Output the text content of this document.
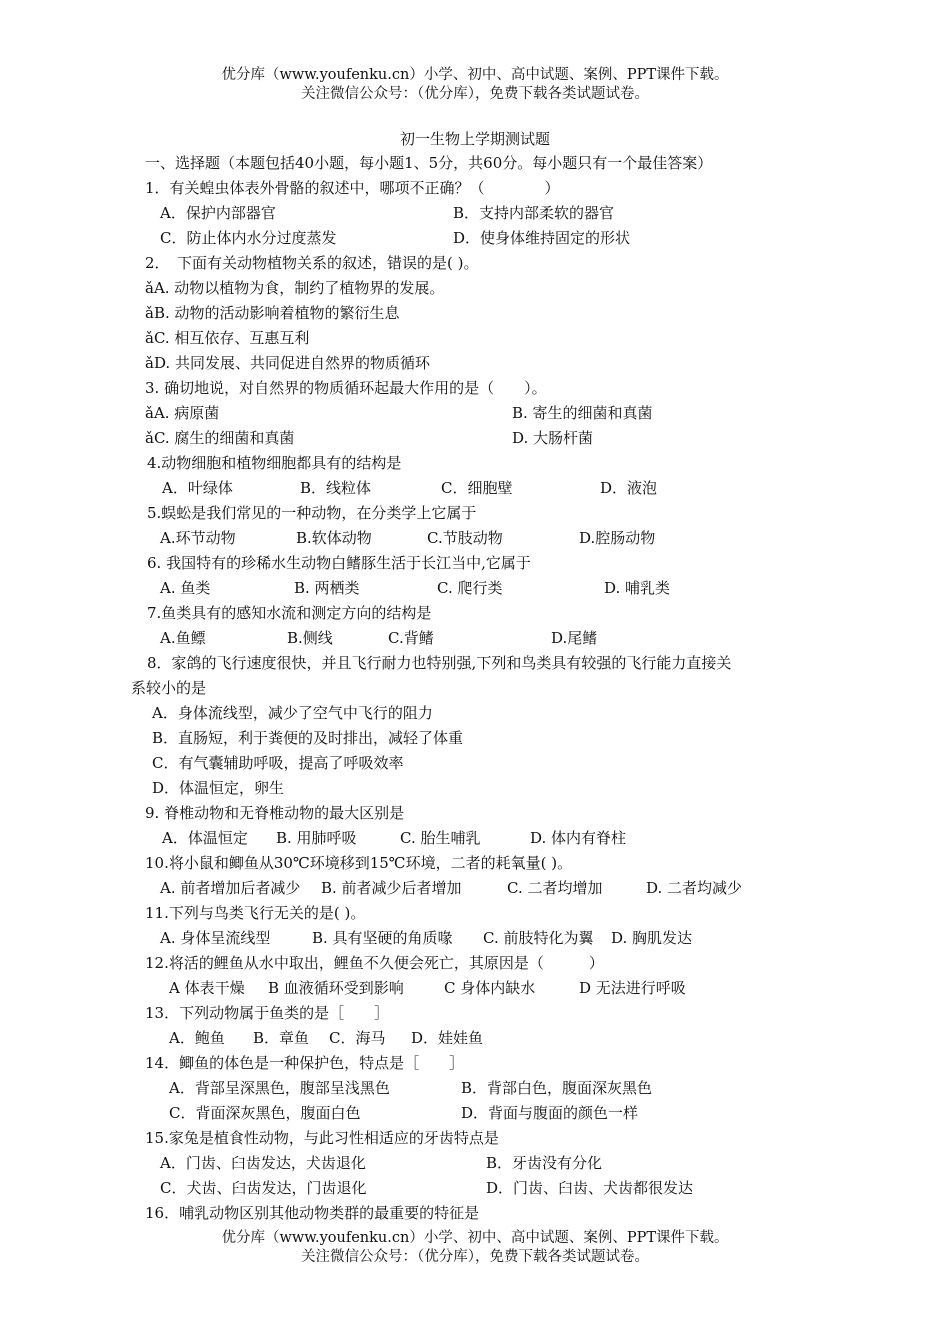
优分库（www.youfenku.cn）小学、初中、高中试题、案例、PPT课件下载。
关注微信公众号：（优分库），免费下载各类试题试卷。
初一生物上学期测试题
一、选择题（本题包括40小题，每小题1、5分，共60分。每小题只有一个最佳答案）
1．有关蝗虫体表外骨骼的叙述中，哪项不正确？（　　　　）
A．保护内部器官	B．支持内部柔软的器官
C．防止体内水分过度蒸发	D．使身体维持固定的形状
2．　下面有关动物植物关系的叙述，错误的是( )。
ǎA. 动物以植物为食，制约了植物界的发展。
ǎB. 动物的活动影响着植物的繁衍生息
ǎC. 相互依存、互惠互利
ǎD. 共同发展、共同促进自然界的物质循环
3. 确切地说，对自然界的物质循环起最大作用的是（　　）。
ǎA. 病原菌	B. 寄生的细菌和真菌
ǎC. 腐生的细菌和真菌	D. 大肠杆菌
4.动物细胞和植物细胞都具有的结构是
A．叶绿体	B．线粒体	C．细胞壁	D．液泡
5.蜈蚣是我们常见的一种动物，在分类学上它属于
A.环节动物	B.软体动物	C.节肢动物	D.腔肠动物
6. 我国特有的珍稀水生动物白鳍豚生活于长江当中,它属于
A. 鱼类	B. 两栖类	C. 爬行类	D. 哺乳类
7.鱼类具有的感知水流和测定方向的结构是
A.鱼鳔	B.侧线	C.背鳍	D.尾鳍
8．家鸽的飞行速度很快，并且飞行耐力也特别强,下列和鸟类具有较强的飞行能力直接关
系较小的是
A．身体流线型，减少了空气中飞行的阻力
B．直肠短，利于粪便的及时排出，减轻了体重
C．有气囊辅助呼吸，提高了呼吸效率
D．体温恒定，卵生
9. 脊椎动物和无脊椎动物的最大区别是
A．体温恒定 B. 用肺呼吸	C. 胎生哺乳	D. 体内有脊柱
10.将小鼠和鲫鱼从30℃环境移到15℃环境，二者的耗氧量( )。
A. 前者增加后者减少 B. 前者减少后者增加	C. 二者均增加	D. 二者均减少
11.下列与鸟类飞行无关的是( )。
A. 身体呈流线型	B. 具有坚硬的角质喙 C. 前肢特化为翼 D. 胸肌发达
12.将活的鲤鱼从水中取出，鲤鱼不久便会死亡，其原因是（　　　）
A 体表干燥 B 血液循环受到影响	C 身体内缺水	D 无法进行呼吸
13．下列动物属于鱼类的是［　　］
A．鲍鱼 B．章鱼 C．海马 D．娃娃鱼
14．鲫鱼的体色是一种保护色，特点是［　　］
A．背部呈深黑色，腹部呈浅黑色	B．背部白色，腹面深灰黑色
C．背面深灰黑色，腹面白色	D．背面与腹面的颜色一样
15.家兔是植食性动物，与此习性相适应的牙齿特点是
A．门齿、臼齿发达，犬齿退化	B．牙齿没有分化
C．犬齿、臼齿发达，门齿退化	D．门齿、臼齿、犬齿都很发达
16．哺乳动物区别其他动物类群的最重要的特征是
优分库（www.youfenku.cn）小学、初中、高中试题、案例、PPT课件下载。
关注微信公众号：（优分库），免费下载各类试题试卷。
